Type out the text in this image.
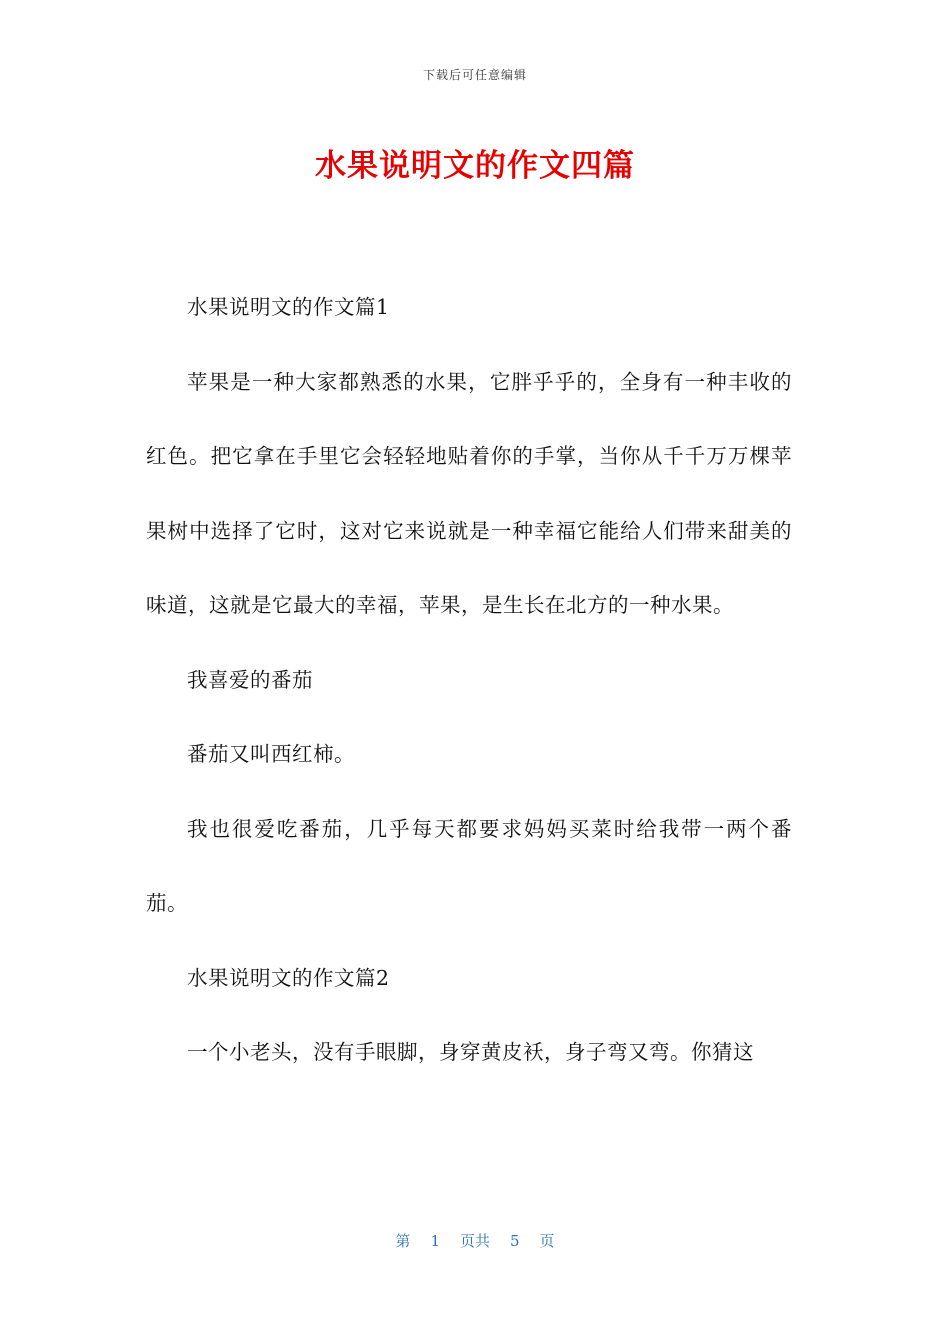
下载后可任意编辑
水果说明文的作文四篇

水果说明文的作文篇1

苹果是一种大家都熟悉的水果，它胖乎乎的，全身有一种丰收的红色。把它拿在手里它会轻轻地贴着你的手掌，当你从千千万万棵苹果树中选择了它时，这对它来说就是一种幸福它能给人们带来甜美的味道，这就是它最大的幸福，苹果，是生长在北方的一种水果。

我喜爱的番茄

番茄又叫西红柿。

我也很爱吃番茄，几乎每天都要求妈妈买菜时给我带一两个番茄。

水果说明文的作文篇2

一个小老头，没有手眼脚，身穿黄皮袄，身子弯又弯。你猜这

第 1 页共 5 页
